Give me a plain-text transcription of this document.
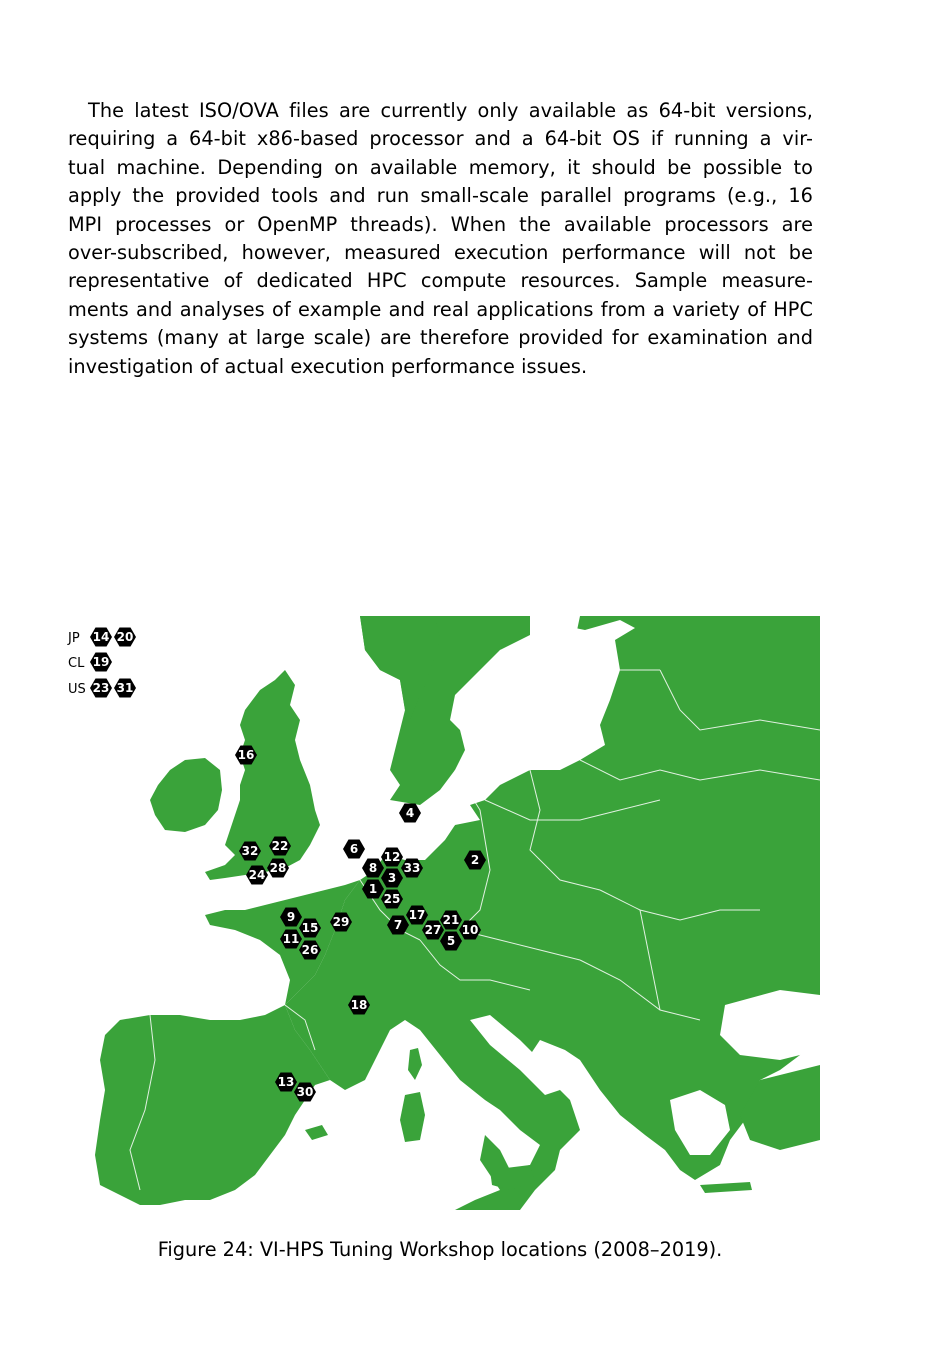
The latest ISO/OVA files are currently only available as 64-bit versions,
requiring a 64-bit x86-based processor and a 64-bit OS if running a vir-
tual machine. Depending on available memory, it should be possible to
apply the provided tools and run small-scale parallel programs (e.g., 16
MPI processes or OpenMP threads). When the available processors are
over-subscribed, however, measured execution performance will not be
representative of dedicated HPC compute resources. Sample measure-
ments and analyses of example and real applications from a variety of HPC
systems (many at large scale) are therefore provided for examination and
investigation of actual execution performance issues.
16
4
6
2
12
8 33
3
1
25
32 22
24 28
9
15 29	7
17 21
10
27
5
11
26
18
13
30
JP 14 20
CL 19
US 23 31
Figure 24: VI-HPS Tuning Workshop locations (2008–2019).
